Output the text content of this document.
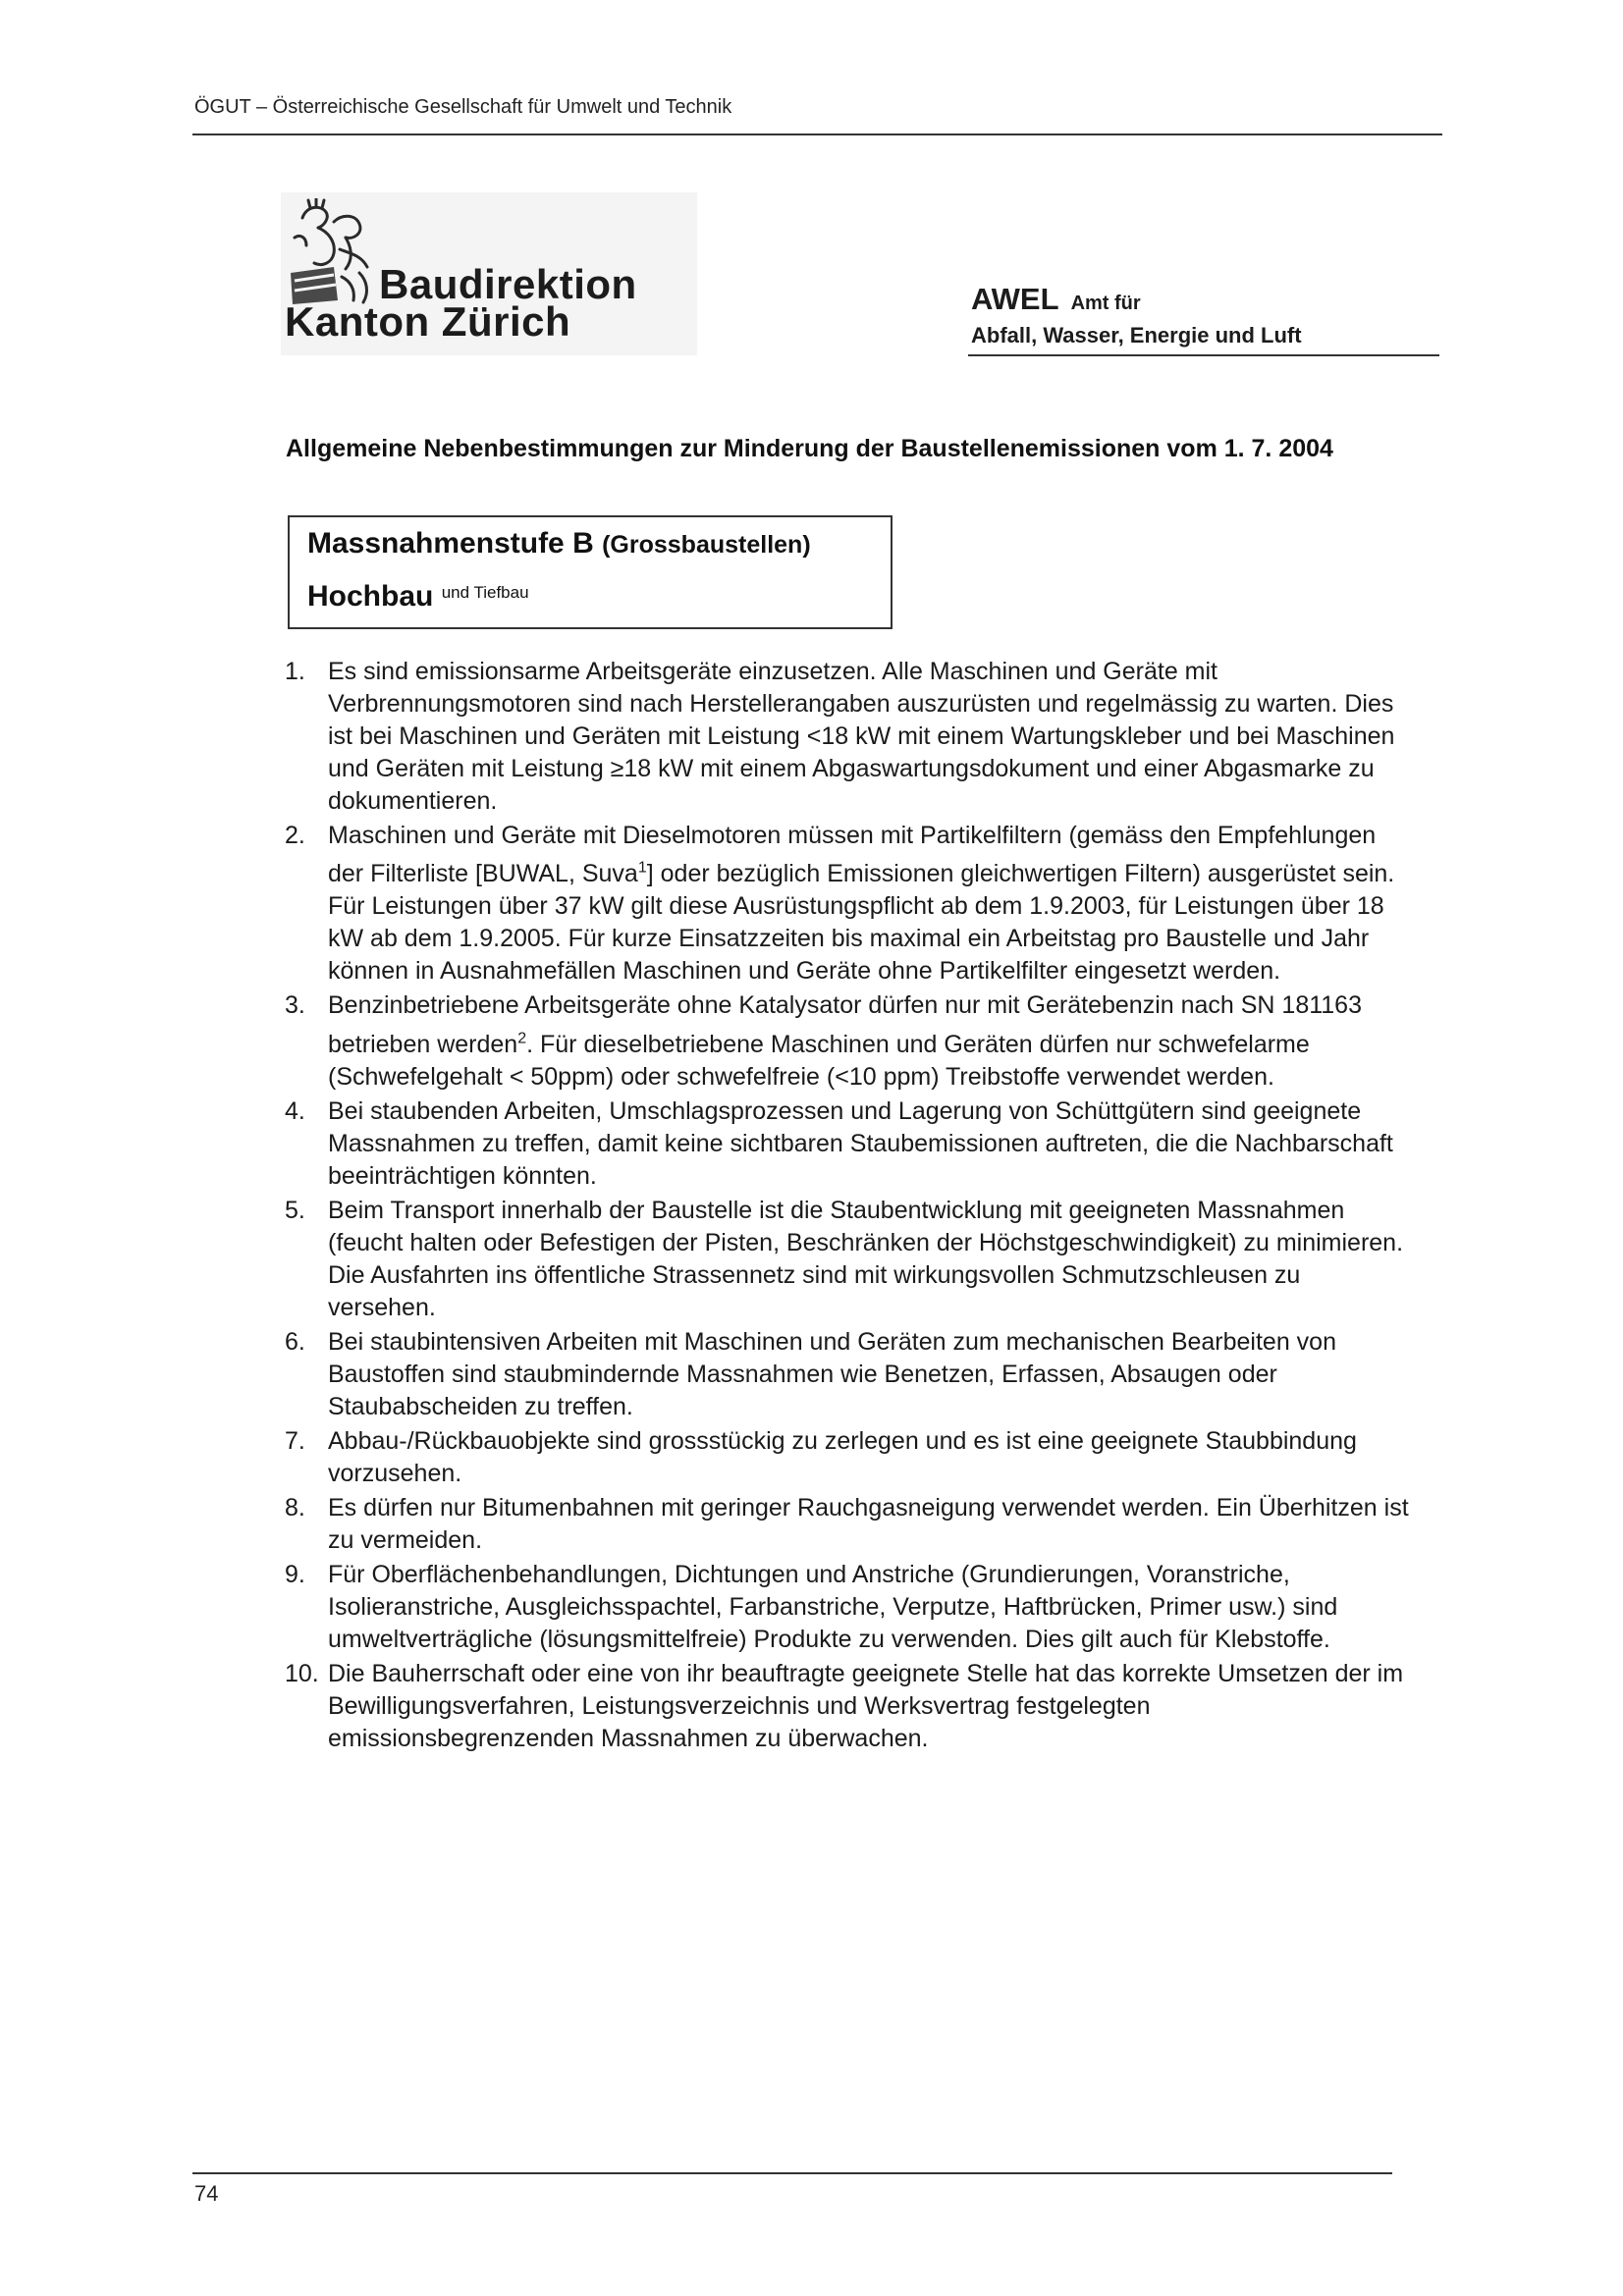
ÖGUT – Österreichische Gesellschaft für Umwelt und Technik
Baudirektion
Kanton Zürich	AWEL Amt für
Abfall, Wasser, Energie und Luft
Allgemeine Nebenbestimmungen zur Minderung der Baustellenemissionen vom 1. 7. 2004
Massnahmenstufe B (Grossbaustellen)
Hochbau $^{und Tiefbau}$
1. Es sind emissionsarme Arbeitsgeräte einzusetzen. Alle Maschinen und Geräte mit Verbrennungsmotoren sind nach Herstellerangaben auszurüsten und regelmässig zu warten. Dies ist bei Maschinen und Geräten mit Leistung <18 kW mit einem Wartungskleber und bei Maschinen und Geräten mit Leistung ≥18 kW mit einem Abgaswartungsdokument und einer Abgasmarke zu dokumentieren.
2. Maschinen und Geräte mit Dieselmotoren müssen mit Partikelfiltern (gemäss den Empfehlungen der Filterliste [BUWAL, Suva$^1$] oder bezüglich Emissionen gleichwertigen Filtern) ausgerüstet sein. Für Leistungen über 37 kW gilt diese Ausrüstungspflicht ab dem 1.9.2003, für Leistungen über 18 kW ab dem 1.9.2005. Für kurze Einsatzzeiten bis maximal ein Arbeitstag pro Baustelle und Jahr können in Ausnahmefällen Maschinen und Geräte ohne Partikelfilter eingesetzt werden.
3. Benzinbetriebene Arbeitsgeräte ohne Katalysator dürfen nur mit Gerätebenzin nach SN 181163 betrieben werden$^2$. Für dieselbetriebene Maschinen und Geräten dürfen nur schwefelarme (Schwefelgehalt < 50ppm) oder schwefelfreie (<10 ppm) Treibstoffe verwendet werden.
4. Bei staubenden Arbeiten, Umschlagsprozessen und Lagerung von Schüttgütern sind geeignete Massnahmen zu treffen, damit keine sichtbaren Staubemissionen auftreten, die die Nachbarschaft beeinträchtigen könnten.
5. Beim Transport innerhalb der Baustelle ist die Staubentwicklung mit geeigneten Massnahmen (feucht halten oder Befestigen der Pisten, Beschränken der Höchstgeschwindigkeit) zu minimieren. Die Ausfahrten ins öffentliche Strassennetz sind mit wirkungsvollen Schmutzschleusen zu versehen.
6. Bei staubintensiven Arbeiten mit Maschinen und Geräten zum mechanischen Bearbeiten von Baustoffen sind staubmindernde Massnahmen wie Benetzen, Erfassen, Absaugen oder Staubabscheiden zu treffen.
7. Abbau-/Rückbauobjekte sind grossstückig zu zerlegen und es ist eine geeignete Staubbindung vorzusehen.
8. Es dürfen nur Bitumenbahnen mit geringer Rauchgasneigung verwendet werden. Ein Überhitzen ist zu vermeiden.
9. Für Oberflächenbehandlungen, Dichtungen und Anstriche (Grundierungen, Voranstriche, Isolieranstriche, Ausgleichsspachtel, Farbanstriche, Verputze, Haftbrücken, Primer usw.) sind umweltverträgliche (lösungsmittelfreie) Produkte zu verwenden. Dies gilt auch für Klebstoffe.
10. Die Bauherrschaft oder eine von ihr beauftragte geeignete Stelle hat das korrekte Umsetzen der im Bewilligungsverfahren, Leistungsverzeichnis und Werksvertrag festgelegten emissionsbegrenzenden Massnahmen zu überwachen.
74
